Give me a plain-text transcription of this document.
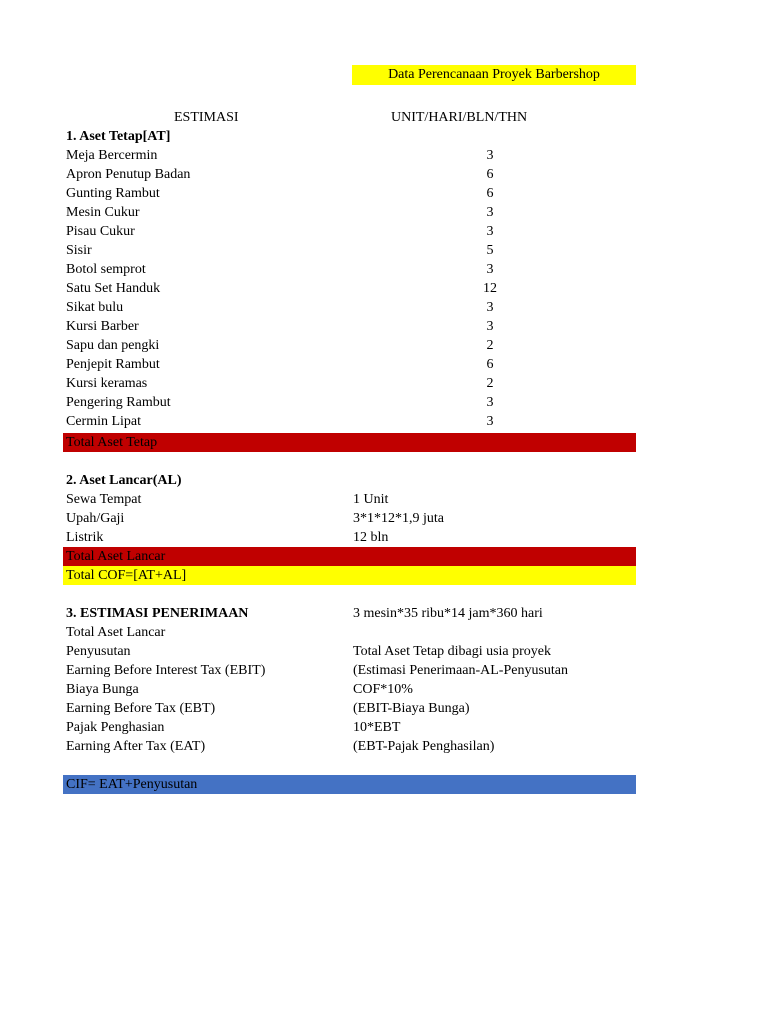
Data Perencanaan Proyek Barbershop
ESTIMASI	UNIT/HARI/BLN/THN
1. Aset Tetap[AT]
Meja Bercermin	3
Apron Penutup Badan	6
Gunting Rambut	6
Mesin Cukur	3
Pisau Cukur	3
Sisir	5
Botol semprot	3
Satu Set Handuk	12
Sikat bulu	3
Kursi Barber	3
Sapu dan pengki	2
Penjepit Rambut	6
Kursi keramas	2
Pengering Rambut	3
Cermin Lipat	3
Total Aset Tetap
2. Aset Lancar(AL)
Sewa Tempat	1 Unit
Upah/Gaji	3*1*12*1,9 juta
Listrik	12 bln
Total Aset Lancar
Total COF=[AT+AL]
3. ESTIMASI PENERIMAAN	3 mesin*35 ribu*14 jam*360 hari
Total Aset Lancar
Penyusutan	Total Aset Tetap dibagi usia proyek
Earning Before Interest Tax (EBIT)	(Estimasi Penerimaan-AL-Penyusutan
Biaya Bunga	COF*10%
Earning Before Tax (EBT)	(EBIT-Biaya Bunga)
Pajak Penghasian	10*EBT
Earning After Tax (EAT)	(EBT-Pajak Penghasilan)
CIF= EAT+Penyusutan
